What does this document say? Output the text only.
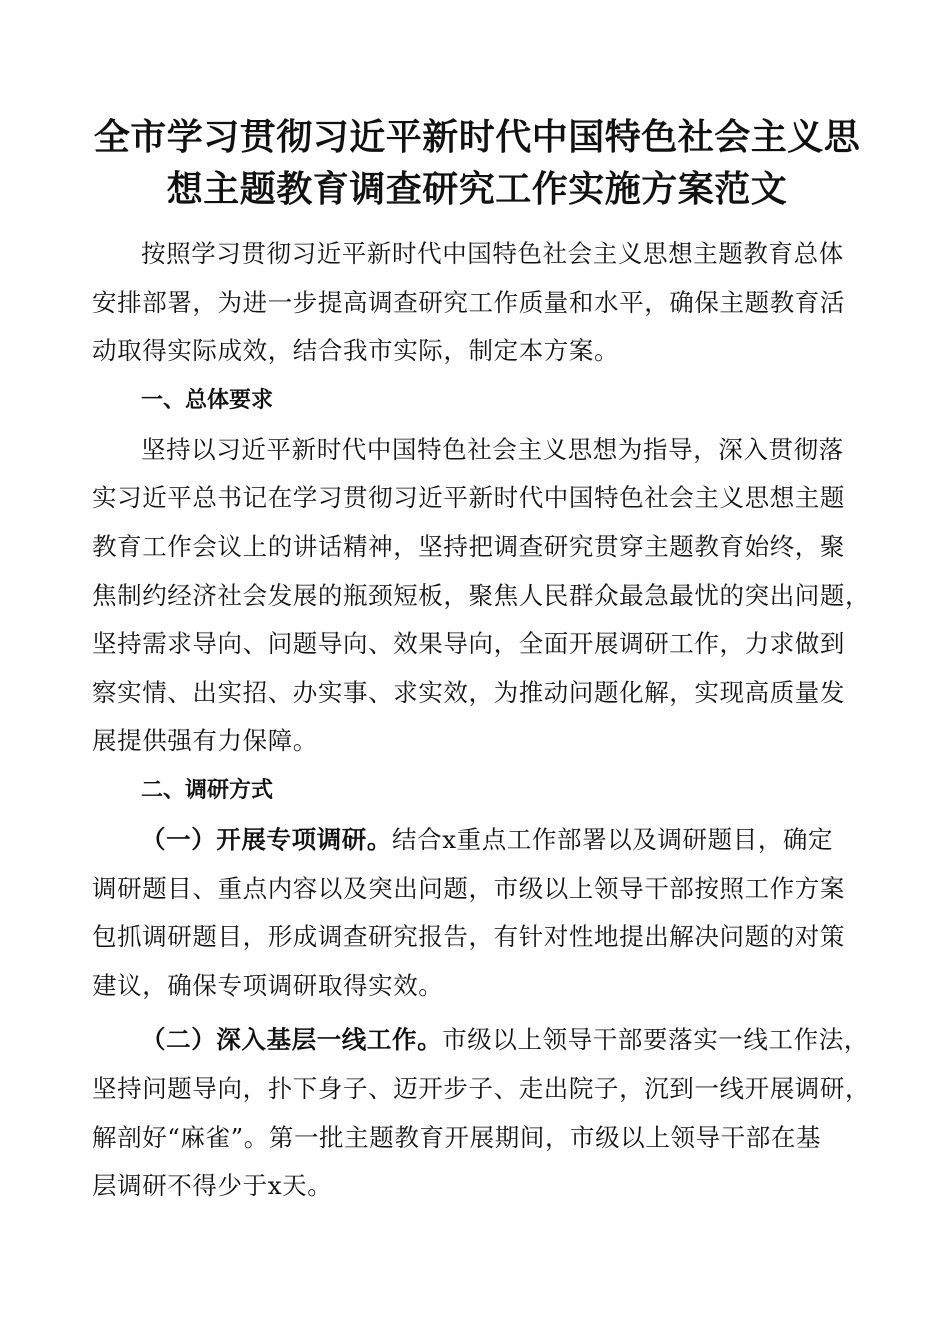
全市学习贯彻习近平新时代中国特色社会主义思
想主题教育调查研究工作实施方案范文

按照学习贯彻习近平新时代中国特色社会主义思想主题教育总体
安排部署，为进一步提高调查研究工作质量和水平，确保主题教育活
动取得实际成效，结合我市实际，制定本方案。

一、总体要求

坚持以习近平新时代中国特色社会主义思想为指导，深入贯彻落
实习近平总书记在学习贯彻习近平新时代中国特色社会主义思想主题
教育工作会议上的讲话精神，坚持把调查研究贯穿主题教育始终，聚
焦制约经济社会发展的瓶颈短板，聚焦人民群众最急最忧的突出问题，
坚持需求导向、问题导向、效果导向，全面开展调研工作，力求做到
察实情、出实招、办实事、求实效，为推动问题化解，实现高质量发
展提供强有力保障。

二、调研方式

（一）开展专项调研。结合x重点工作部署以及调研题目，确定
调研题目、重点内容以及突出问题，市级以上领导干部按照工作方案
包抓调研题目，形成调查研究报告，有针对性地提出解决问题的对策
建议，确保专项调研取得实效。

（二）深入基层一线工作。市级以上领导干部要落实一线工作法，
坚持问题导向，扑下身子、迈开步子、走出院子，沉到一线开展调研，
解剖好“麻雀”。第一批主题教育开展期间，市级以上领导干部在基
层调研不得少于x天。
